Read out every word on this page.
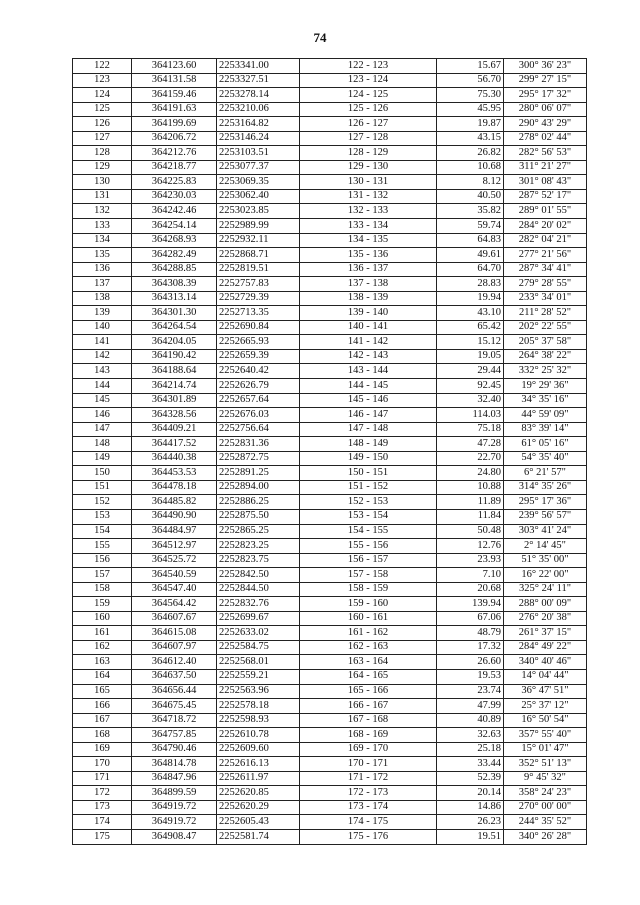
74
122	364123.60	2253341.00	122 - 123	15.67	300° 36' 23"
123	364131.58	2253327.51	123 - 124	56.70	299° 27' 15"
124	364159.46	2253278.14	124 - 125	75.30	295° 17' 32"
125	364191.63	2253210.06	125 - 126	45.95	280° 06' 07"
126	364199.69	2253164.82	126 - 127	19.87	290° 43' 29"
127	364206.72	2253146.24	127 - 128	43.15	278° 02' 44"
128	364212.76	2253103.51	128 - 129	26.82	282° 56' 53"
129	364218.77	2253077.37	129 - 130	10.68	311° 21' 27"
130	364225.83	2253069.35	130 - 131	8.12	301° 08' 43"
131	364230.03	2253062.40	131 - 132	40.50	287° 52' 17"
132	364242.46	2253023.85	132 - 133	35.82	289° 01' 55"
133	364254.14	2252989.99	133 - 134	59.74	284° 20' 02"
134	364268.93	2252932.11	134 - 135	64.83	282° 04' 21"
135	364282.49	2252868.71	135 - 136	49.61	277° 21' 56"
136	364288.85	2252819.51	136 - 137	64.70	287° 34' 41"
137	364308.39	2252757.83	137 - 138	28.83	279° 28' 55"
138	364313.14	2252729.39	138 - 139	19.94	233° 34' 01"
139	364301.30	2252713.35	139 - 140	43.10	211° 28' 52"
140	364264.54	2252690.84	140 - 141	65.42	202° 22' 55"
141	364204.05	2252665.93	141 - 142	15.12	205° 37' 58"
142	364190.42	2252659.39	142 - 143	19.05	264° 38' 22"
143	364188.64	2252640.42	143 - 144	29.44	332° 25' 32"
144	364214.74	2252626.79	144 - 145	92.45	19° 29' 36"
145	364301.89	2252657.64	145 - 146	32.40	34° 35' 16"
146	364328.56	2252676.03	146 - 147	114.03	44° 59' 09"
147	364409.21	2252756.64	147 - 148	75.18	83° 39' 14"
148	364417.52	2252831.36	148 - 149	47.28	61° 05' 16"
149	364440.38	2252872.75	149 - 150	22.70	54° 35' 40"
150	364453.53	2252891.25	150 - 151	24.80	6° 21' 57"
151	364478.18	2252894.00	151 - 152	10.88	314° 35' 26"
152	364485.82	2252886.25	152 - 153	11.89	295° 17' 36"
153	364490.90	2252875.50	153 - 154	11.84	239° 56' 57"
154	364484.97	2252865.25	154 - 155	50.48	303° 41' 24"
155	364512.97	2252823.25	155 - 156	12.76	2° 14' 45"
156	364525.72	2252823.75	156 - 157	23.93	51° 35' 00"
157	364540.59	2252842.50	157 - 158	7.10	16° 22' 00"
158	364547.40	2252844.50	158 - 159	20.68	325° 24' 11"
159	364564.42	2252832.76	159 - 160	139.94	288° 00' 09"
160	364607.67	2252699.67	160 - 161	67.06	276° 20' 38"
161	364615.08	2252633.02	161 - 162	48.79	261° 37' 15"
162	364607.97	2252584.75	162 - 163	17.32	284° 49' 22"
163	364612.40	2252568.01	163 - 164	26.60	340° 40' 46"
164	364637.50	2252559.21	164 - 165	19.53	14° 04' 44"
165	364656.44	2252563.96	165 - 166	23.74	36° 47' 51"
166	364675.45	2252578.18	166 - 167	47.99	25° 37' 12"
167	364718.72	2252598.93	167 - 168	40.89	16° 50' 54"
168	364757.85	2252610.78	168 - 169	32.63	357° 55' 40"
169	364790.46	2252609.60	169 - 170	25.18	15° 01' 47"
170	364814.78	2252616.13	170 - 171	33.44	352° 51' 13"
171	364847.96	2252611.97	171 - 172	52.39	9° 45' 32"
172	364899.59	2252620.85	172 - 173	20.14	358° 24' 23"
173	364919.72	2252620.29	173 - 174	14.86	270° 00' 00"
174	364919.72	2252605.43	174 - 175	26.23	244° 35' 52"
175	364908.47	2252581.74	175 - 176	19.51	340° 26' 28"
